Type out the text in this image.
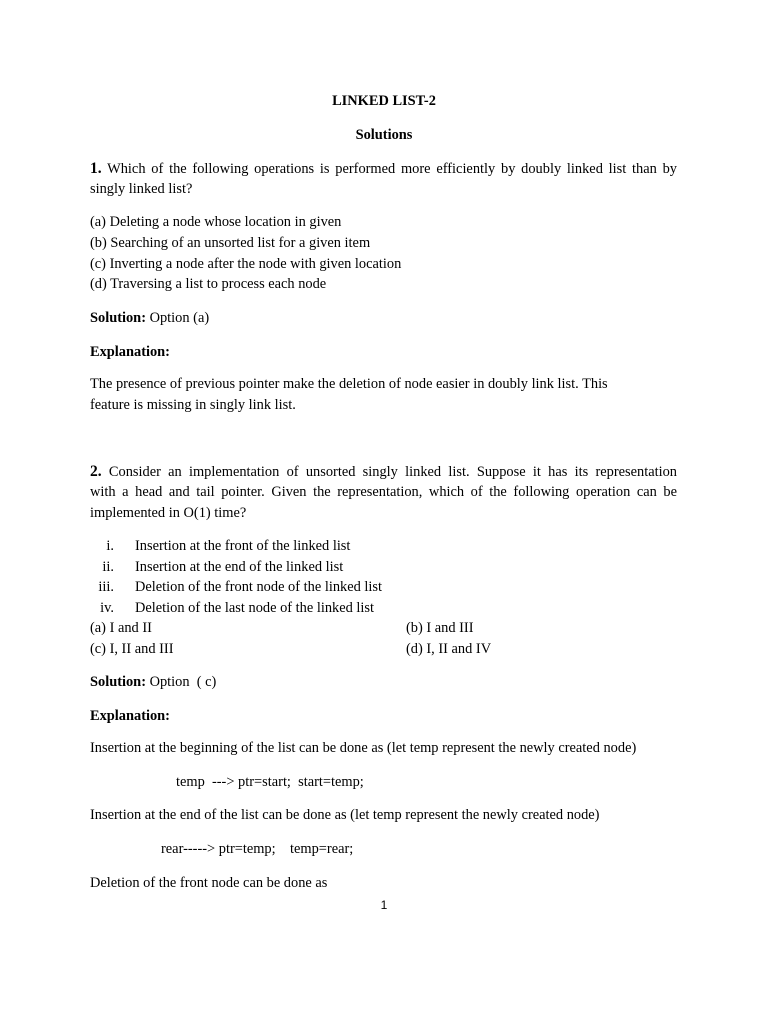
LINKED LIST-2
Solutions
1. Which of the following operations is performed more efficiently by doubly linked list than by
singly linked list?
(a) Deleting a node whose location in given
(b) Searching of an unsorted list for a given item
(c) Inverting a node after the node with given location
(d) Traversing a list to process each node
Solution: Option (a)
Explanation:
The presence of previous pointer make the deletion of node easier in doubly link list. This
feature is missing in singly link list.
2. Consider an implementation of unsorted singly linked list. Suppose it has its representation
with a head and tail pointer. Given the representation, which of the following operation can be
implemented in O(1) time?
i. Insertion at the front of the linked list
ii. Insertion at the end of the linked list
iii. Deletion of the front node of the linked list
iv. Deletion of the last node of the linked list
(a) I and II	(b) I and III
(c) I, II and III	(d) I, II and IV
Solution: Option  ( c)
Explanation:
Insertion at the beginning of the list can be done as (let temp represent the newly created node)
temp  ---> ptr=start;  start=temp;
Insertion at the end of the list can be done as (let temp represent the newly created node)
rear-----> ptr=temp;    temp=rear;
Deletion of the front node can be done as
1
